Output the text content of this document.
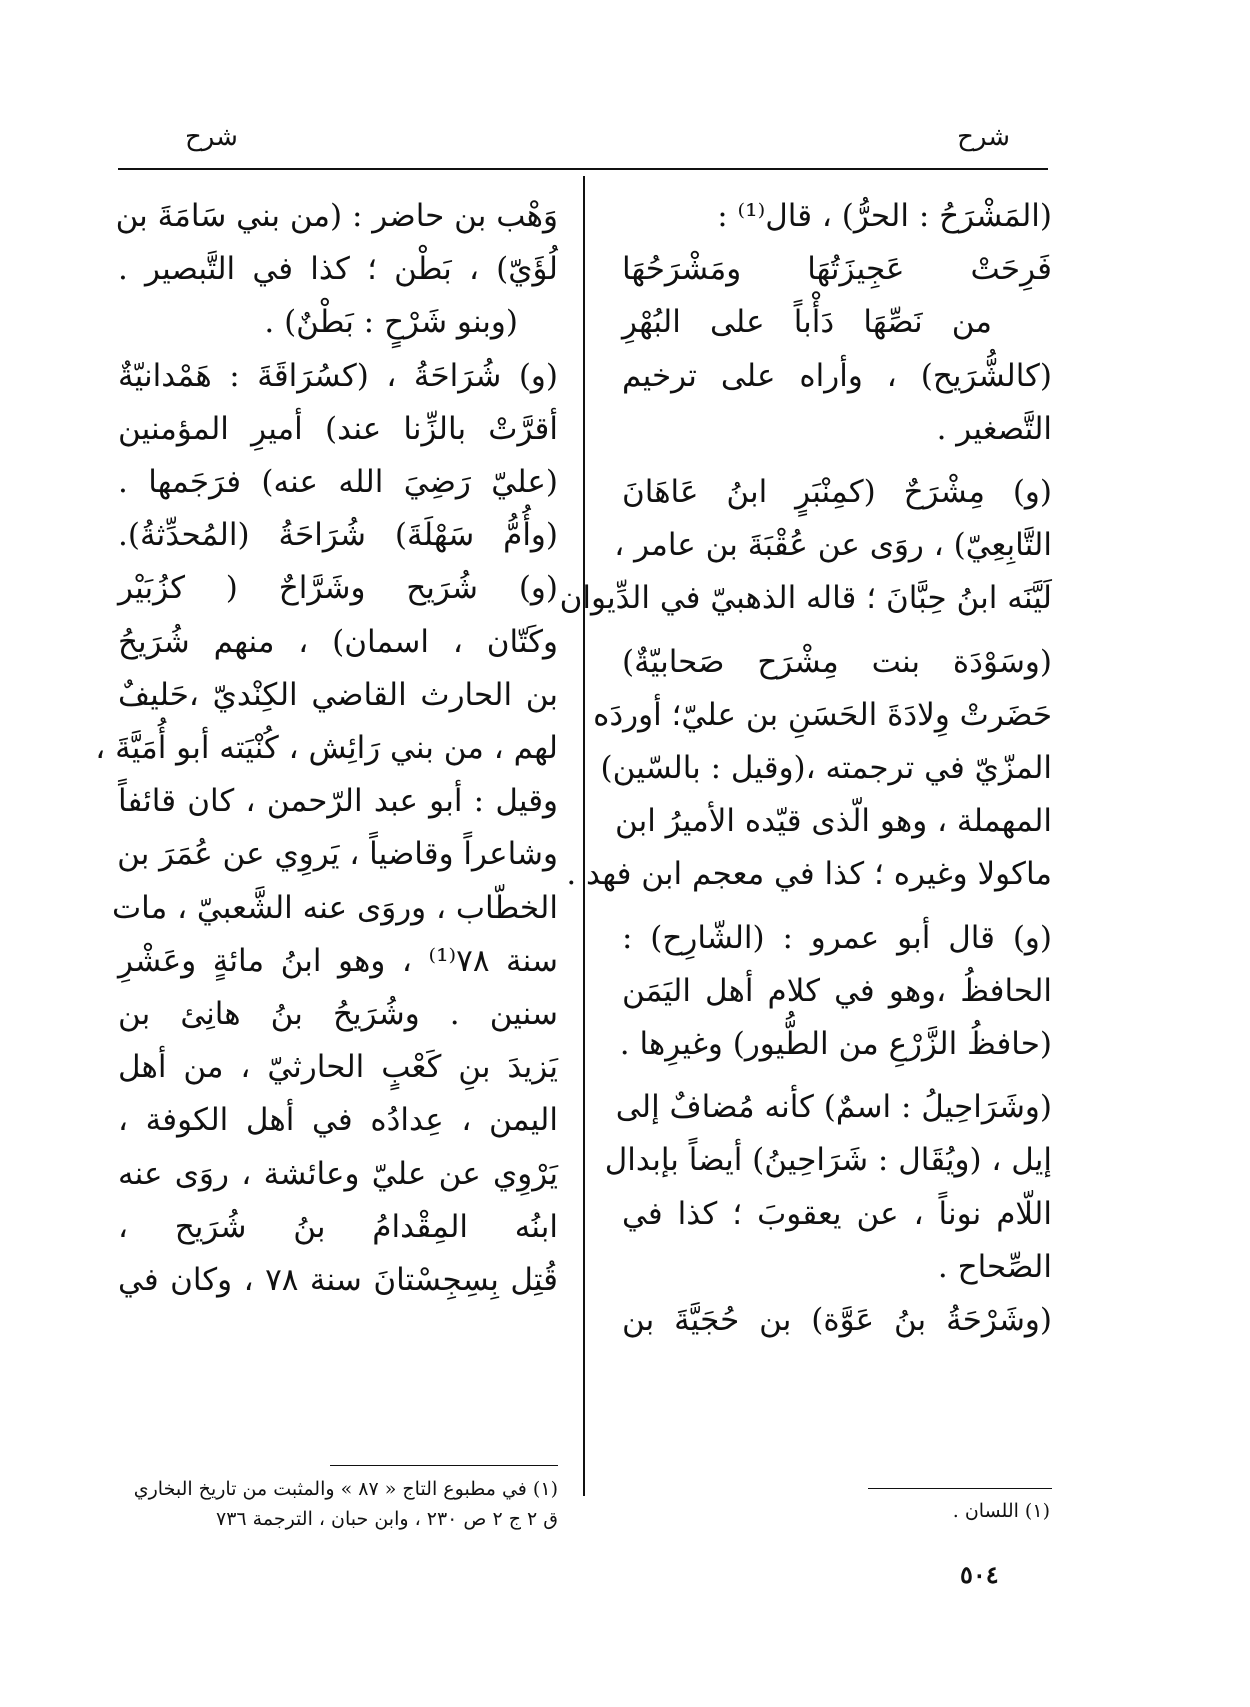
شرح
شرح
(المَشْرَحُ : الحرُّ) ، قال⁽¹⁾ :
فَرِحَتْ عَجِيزَتُهَا ومَشْرَحُهَا
من نَصِّهَا دَأْباً على البُهْرِ
(كالشُّرَيح) ، وأراه على ترخيم
التَّصغير .
(و) مِشْرَحٌ (كمِنْبَرٍ ابنُ عَاهَانَ
التَّابِعِيّ) ، روَى عن عُقْبَةَ بن عامر ،
لَيَّنَه ابنُ حِبَّانَ ؛ قاله الذهبيّ في الدِّيوان
(وسَوْدَة بنت مِشْرَح صَحابيّةٌ)
حَضَرتْ وِلادَةَ الحَسَنِ بن عليّ؛ أوردَه
المزّيّ في ترجمته ،(وقيل : بالسّين)
المهملة ، وهو الّذى قيّده الأميرُ ابن
ماكولا وغيره ؛ كذا في معجم ابن فهد .
(و) قال أبو عمرو : (الشّارِح) :
الحافظُ ،وهو في كلام أهل اليَمَن
(حافظُ الزَّرْعِ من الطُّيور) وغيرِها .
(وشَرَاحِيلُ : اسمٌ) كأنه مُضافٌ إلى
إيل ، (ويُقَال : شَرَاحِينُ) أيضاً بإبدال
اللّام نوناً ، عن يعقوبَ ؛ كذا في
الصِّحاح .
(وشَرْحَةُ بنُ عَوَّة) بن حُجَيَّةَ بن
وَهْب بن حاضر : (من بني سَامَةَ بن
لُؤَيّ) ، بَطْن ؛ كذا في التَّبصير .
(وبنو شَرْحٍ : بَطْنٌ) .
(و) شُرَاحَةُ ، (كسُرَاقَةَ : هَمْدانيّةٌ
أقرَّتْ بالزِّنا عند) أميرِ المؤمنين
(عليّ رَضِيَ الله عنه) فرَجَمها .
(وأُمُّ سَهْلَةَ) شُرَاحَةُ (المُحدِّثةُ).
(و) شُرَيح وشَرَّاحٌ ( كزُبَيْر
وكَتّان ، اسمان) ، منهم شُرَيحُ
بن الحارث القاضي الكِنْديّ ،حَليفٌ
لهم ، من بني رَائِش ، كُنْيَته أبو أُمَيَّةَ ،
وقيل : أبو عبد الرّحمن ، كان قائفاً
وشاعراً وقاضياً ، يَروِي عن عُمَرَ بن
الخطّاب ، وروَى عنه الشَّعبيّ ، مات
سنة ٧٨⁽¹⁾ ، وهو ابنُ مائةٍ وعَشْرِ
سنين . وشُرَيحُ بنُ هانِئ بن
يَزيدَ بنِ كَعْبٍ الحارثيّ ، من أهل
اليمن ، عِدادُه في أهل الكوفة ،
يَرْوِي عن عليّ وعائشة ، روَى عنه
ابنُه المِقْدامُ بنُ شُرَيح ،
قُتِل بِسِجِسْتانَ سنة ٧٨ ، وكان في
(١) في مطبوع التاج « ٨٧ » والمثبت من تاريخ البخاري
ق ٢ ج ٢ ص ٢٣٠ ، وابن حبان ، الترجمة ٧٣٦	(١) اللسان .
٥٠٤
